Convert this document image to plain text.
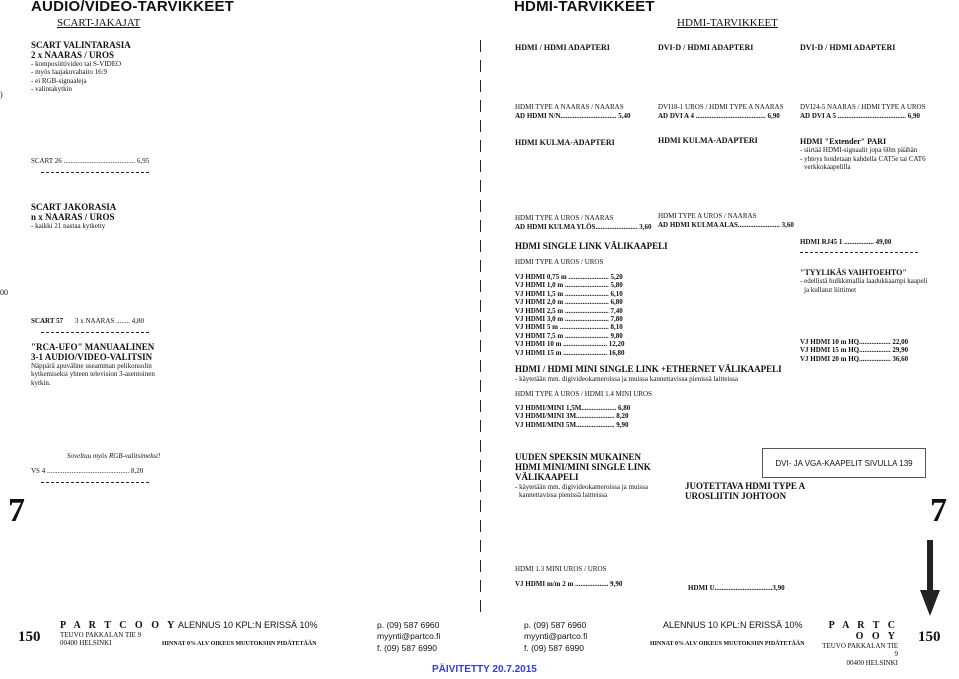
AUDIO/VIDEO-TARVIKKEET
SCART-JAKAJAT
)
00
SCART VALINTARASIA
2 x NAARAS / UROS
- komposiittivideo tai S-VIDEO
- myös laajakuvahaito 16:9
- ei RGB-signaaleja
- valintakytkin
SCART 26 ......................................... 6,95
SCART JAKORASIA
n x NAARAS / UROS
- kaikki 21 nastaa kytketty
SCART 57 3 x NAARAS ........ 4,80
"RCA-UFO" MANUAALINEN
3-1 AUDIO/VIDEO-VALITSIN
Näppärä apuväline useamman pelikonsolin
kytkemiseksi yhteen television 3-asentoinen
kytkin.
Soveltuu myös RGB-valitsimeksi!
VS 4 ............................................... 8,20
7
HDMI-TARVIKKEET
HDMI-TARVIKKEET
HDMI / HDMI ADAPTERI	DVI-D / HDMI ADAPTERI	DVI-D / HDMI ADAPTERI
HDMI TYPE A NAARAS / NAARAS
AD HDMI N/N................................ 5,40
DVI18-1 UROS / HDMI TYPE A NAARAS
AD DVI A 4 ........................................ 6,90
DVI24-5 NAARAS / HDMI TYPE A UROS
AD DVI A 5 ....................................... 6,90
HDMI KULMA-ADAPTERI	HDMI KULMA-ADAPTERI
HDMI TYPE A UROS / NAARAS
AD HDMI KULMA YLÖS........................ 3,60
HDMI TYPE A UROS / NAARAS
AD HDMI KULMA ALAS........................ 3,60
HDMI "Extender" PARI
- siirtää HDMI-signaalit jopa 60m päähän
- yhteys hoidetaan kahdella CAT5e tai CAT6
verkkokaapelilla
HDMI RJ45 1 ................. 49,00
HDMI SINGLE LINK VÄLIKAAPELI
HDMI TYPE A UROS / UROS
VJ HDMI 0,75 m ....................... 5,20
VJ HDMI 1,0 m ......................... 5,80
VJ HDMI 1,5 m ......................... 6,10
VJ HDMI 2,0 m ......................... 6,80
VJ HDMI 2,5 m ......................... 7,40
VJ HDMI 3,0 m ......................... 7,80
VJ HDMI 5 m ............................ 8,10
VJ HDMI 7,5 m ......................... 9,80
VJ HDMI 10 m ......................... 12,20
VJ HDMI 15 m ......................... 16,80
"TYYLIKÄS VAIHTOEHTO"
- edellistä hulkkimallia laadukkaampi kaapeli
ja kullatut liittimet
VJ HDMI 10 m HQ.................. 22,00
VJ HDMI 15 m HQ.................. 29,90
VJ HDMI 20 m HQ.................. 36,60
HDMI / HDMI MINI SINGLE LINK +ETHERNET VÄLIKAAPELI
- käytetään mm. digivideokameroissa ja muissa kannettavissa pienissä laitteissa
HDMI TYPE A UROS / HDMI 1.4 MINI UROS
VJ HDMI/MINI 1,5M.................... 6,80
VJ HDMI/MINI 3M...................... 8,20
VJ HDMI/MINI 5M...................... 9,90
UUDEN SPEKSIN MUKAINEN
HDMI MINI/MINI SINGLE LINK
VÄLIKAAPELI
- käytetään mm. digivideokameroissa ja muissa
kannettavissa pienissä laitteissa
JUOTETTAVA HDMI TYPE A
UROSLIITIN JOHTOON
DVI- JA VGA-KAAPELIT SIVULLA 139
HDMI 1.3 MINI UROS / UROS
VJ HDMI m/m 2 m ................... 9,90	HDMI U.................................3,90
7
150	150
P A R T C O O Y
TEUVO PAKKALAN TIE 9
00400 HELSINKI
ALENNUS 10 KPL:N ERISSÄ 10%
HINNAT 0% ALV OIKEUS MUUTOKSIIN PIDÄTETÄÄN
p. (09) 587 6960
myynti@partco.fi
f. (09) 587 6990
p. (09) 587 6960
myynti@partco.fi
f. (09) 587 6990
ALENNUS 10 KPL:N ERISSÄ 10%
HINNAT 0% ALV OIKEUS MUUTOKSIIN PIDÄTETÄÄN
P A R T C O O Y
TEUVO PAKKALAN TIE 9
00400 HELSINKI
PÄIVITETTY 20.7.2015
